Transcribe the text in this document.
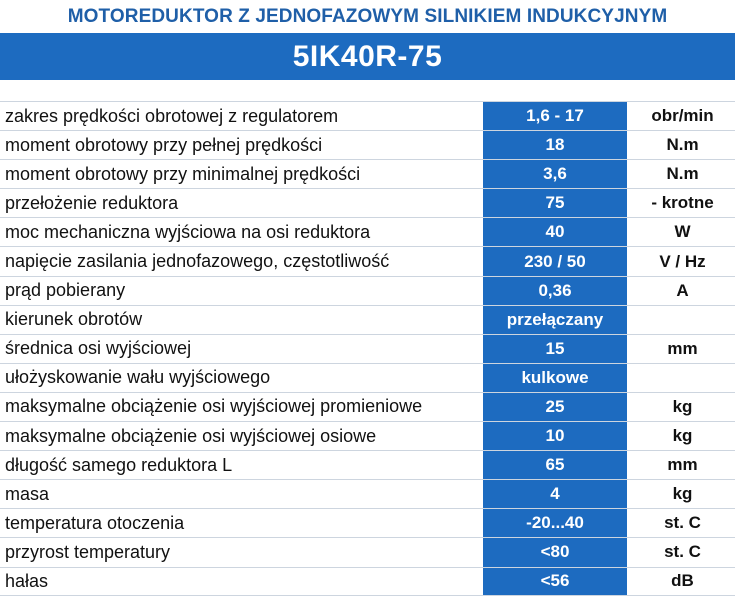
MOTOREDUKTOR Z JEDNOFAZOWYM SILNIKIEM INDUKCYJNYM
5IK40R-75
zakres prędkości obrotowej z regulatorem	1,6 - 17	obr/min
moment obrotowy przy pełnej prędkości	18	N.m
moment obrotowy przy minimalnej prędkości	3,6	N.m
przełożenie reduktora	75	- krotne
moc mechaniczna wyjściowa na osi reduktora	40	W
napięcie zasilania jednofazowego, częstotliwość	230 / 50	V / Hz
prąd pobierany	0,36	A
kierunek obrotów	przełączany
średnica osi wyjściowej	15	mm
ułożyskowanie wału wyjściowego	kulkowe
maksymalne obciążenie osi wyjściowej promieniowe	25	kg
maksymalne obciążenie osi wyjściowej osiowe	10	kg
długość samego reduktora L	65	mm
masa	4	kg
temperatura otoczenia	-20...40	st. C
przyrost temperatury	<80	st. C
hałas	<56	dB
